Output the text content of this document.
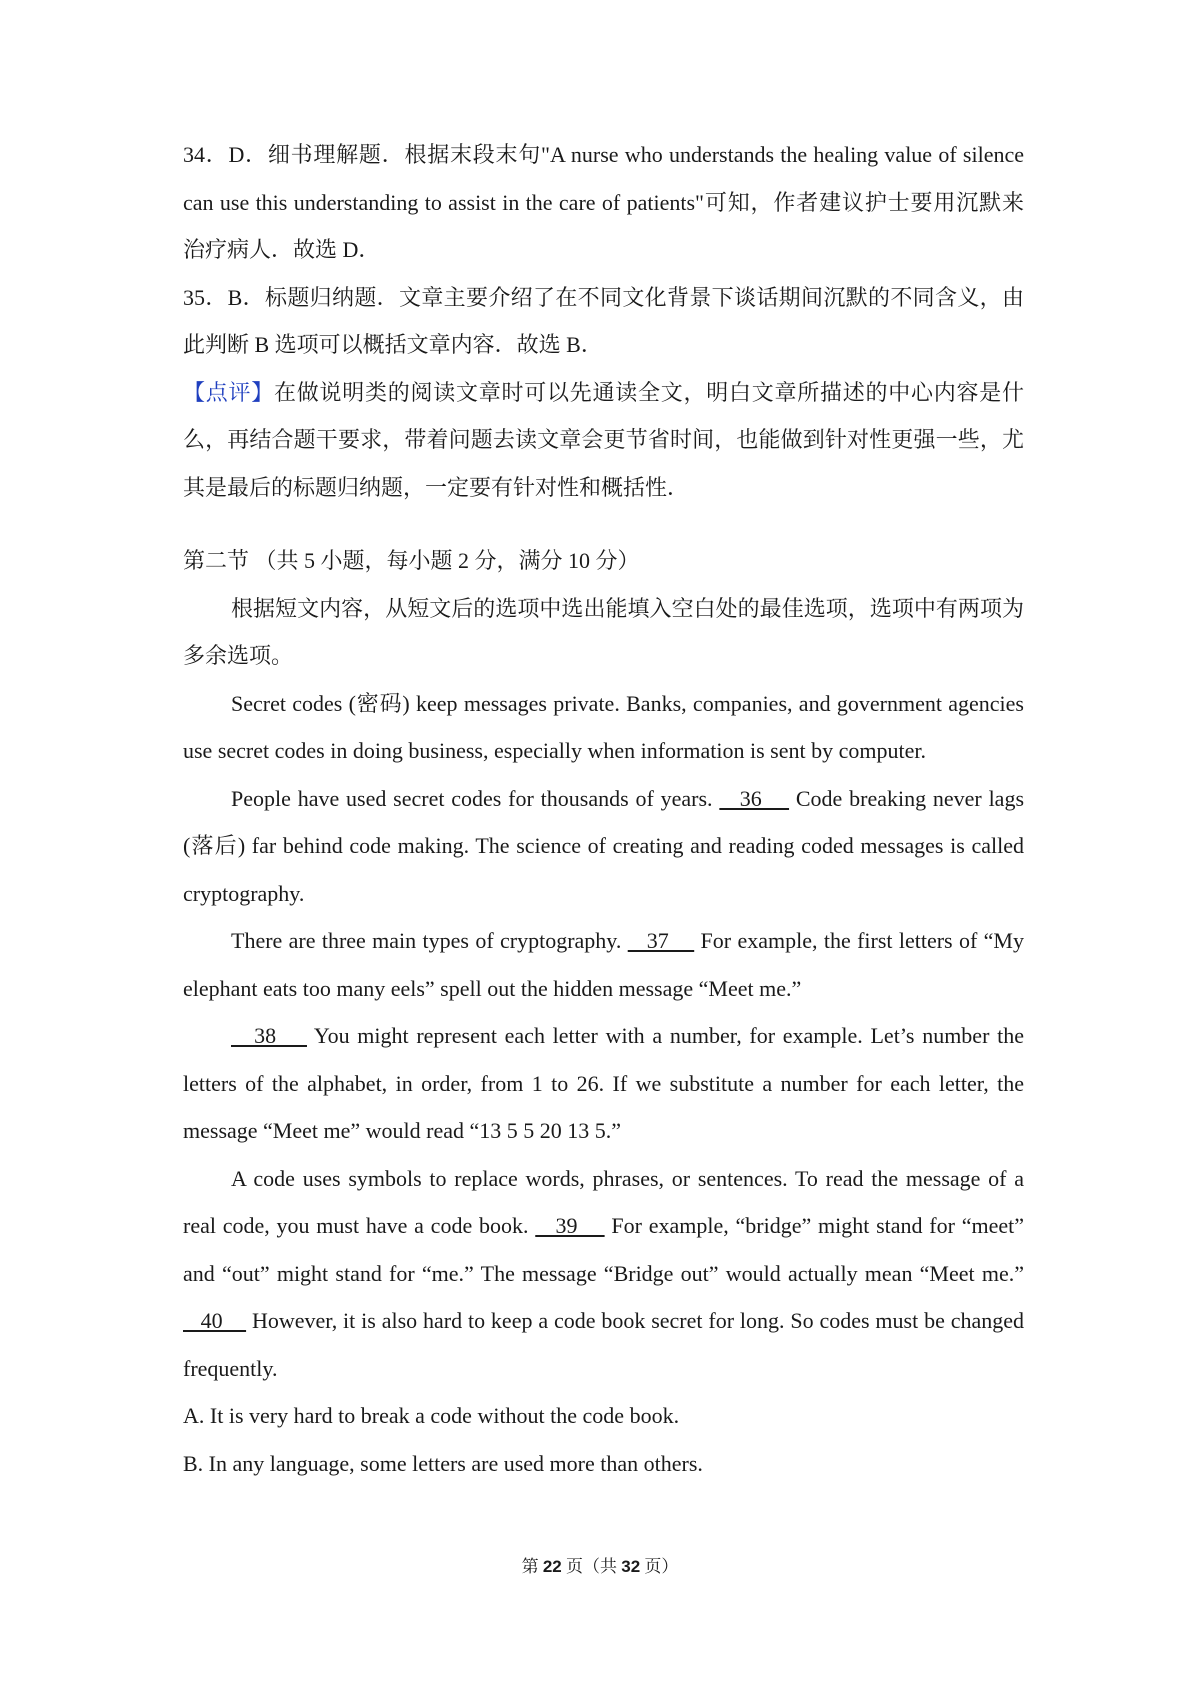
34．D．细书理解题．根据末段末句"A nurse who understands the healing value of silence can use this understanding to assist in the care of patients"可知，作者建议护士要用沉默来治疗病人．故选 D．

35．B．标题归纳题．文章主要介绍了在不同文化背景下谈话期间沉默的不同含义，由此判断 B 选项可以概括文章内容．故选 B．

【点评】在做说明类的阅读文章时可以先通读全文，明白文章所描述的中心内容是什么，再结合题干要求，带着问题去读文章会更节省时间，也能做到针对性更强一些，尤其是最后的标题归纳题，一定要有针对性和概括性．

第二节 （共 5 小题，每小题 2 分，满分 10 分）

根据短文内容，从短文后的选项中选出能填入空白处的最佳选项，选项中有两项为多余选项。

Secret codes (密码) keep messages private. Banks, companies, and government agencies use secret codes in doing business, especially when information is sent by computer.

People have used secret codes for thousands of years.    36     Code breaking never lags (落后) far behind code making. The science of creating and reading coded messages is called cryptography.

There are three main types of cryptography.    37     For example, the first letters of “My elephant eats too many eels” spell out the hidden message “Meet me.”

38     You might represent each letter with a number, for example. Let’s number the letters of the alphabet, in order, from 1 to 26. If we substitute a number for each letter, the message “Meet me” would read “13 5 5 20 13 5.”

A code uses symbols to replace words, phrases, or sentences. To read the message of a real code, you must have a code book.    39     For example, “bridge” might stand for “meet” and “out” might stand for “me.” The message “Bridge out” would actually mean “Meet me.”    40     However, it is also hard to keep a code book secret for long. So codes must be changed frequently.

A. It is very hard to break a code without the code book.

B. In any language, some letters are used more than others.

第 22 页（共 32 页）
